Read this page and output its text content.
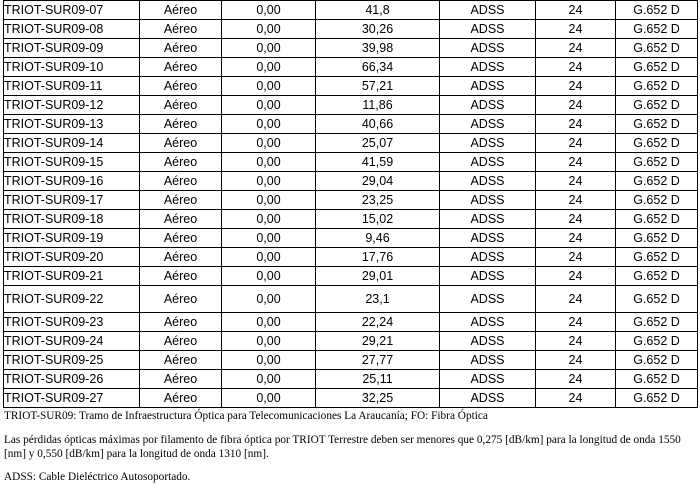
TRIOT-SUR09-07	Aéreo	0,00	41,8	ADSS	24	G.652 D
TRIOT-SUR09-08	Aéreo	0,00	30,26	ADSS	24	G.652 D
TRIOT-SUR09-09	Aéreo	0,00	39,98	ADSS	24	G.652 D
TRIOT-SUR09-10	Aéreo	0,00	66,34	ADSS	24	G.652 D
TRIOT-SUR09-11	Aéreo	0,00	57,21	ADSS	24	G.652 D
TRIOT-SUR09-12	Aéreo	0,00	11,86	ADSS	24	G.652 D
TRIOT-SUR09-13	Aéreo	0,00	40,66	ADSS	24	G.652 D
TRIOT-SUR09-14	Aéreo	0,00	25,07	ADSS	24	G.652 D
TRIOT-SUR09-15	Aéreo	0,00	41,59	ADSS	24	G.652 D
TRIOT-SUR09-16	Aéreo	0,00	29,04	ADSS	24	G.652 D
TRIOT-SUR09-17	Aéreo	0,00	23,25	ADSS	24	G.652 D
TRIOT-SUR09-18	Aéreo	0,00	15,02	ADSS	24	G.652 D
TRIOT-SUR09-19	Aéreo	0,00	9,46	ADSS	24	G.652 D
TRIOT-SUR09-20	Aéreo	0,00	17,76	ADSS	24	G.652 D
TRIOT-SUR09-21	Aéreo	0,00	29,01	ADSS	24	G.652 D
TRIOT-SUR09-22	Aéreo	0,00	23,1	ADSS	24	G.652 D
TRIOT-SUR09-23	Aéreo	0,00	22,24	ADSS	24	G.652 D
TRIOT-SUR09-24	Aéreo	0,00	29,21	ADSS	24	G.652 D
TRIOT-SUR09-25	Aéreo	0,00	27,77	ADSS	24	G.652 D
TRIOT-SUR09-26	Aéreo	0,00	25,11	ADSS	24	G.652 D
TRIOT-SUR09-27	Aéreo	0,00	32,25	ADSS	24	G.652 D
TRIOT-SUR09: Tramo de Infraestructura Óptica para Telecomunicaciones La Araucanía; FO: Fibra Óptica
Las pérdidas ópticas máximas por filamento de fibra óptica por TRIOT Terrestre deben ser menores que 0,275 [dB/km] para la longitud de onda 1550 [nm] y 0,550 [dB/km] para la longitud de onda 1310 [nm].
ADSS: Cable Dieléctrico Autosoportado.
